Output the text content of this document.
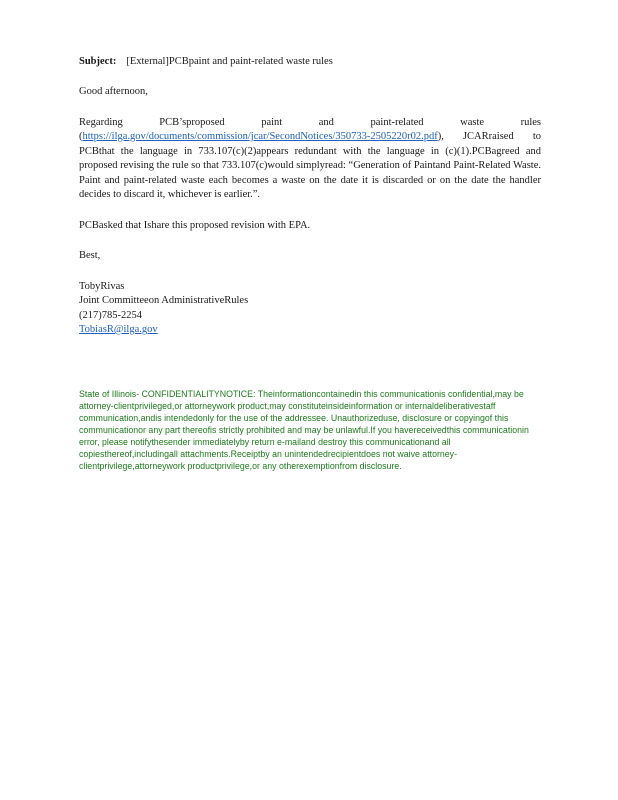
Subject: [External]PCBpaint and paint-related waste rules

Good afternoon,

Regarding PCB’sproposed paint and paint-related waste rules (https://ilga.gov/documents/commission/jcar/SecondNotices/350733-2505220r02.pdf), JCARraised to PCBthat the language in 733.107(c)(2)appears redundant with the language in (c)(1).PCBagreed and proposed revising the rule so that 733.107(c)would simplyread: “Generation of Paintand Paint-Related Waste. Paint and paint-related waste each becomes a waste on the date it is discarded or on the date the handler decides to discard it, whichever is earlier.”.

PCBasked that Ishare this proposed revision with EPA.

Best,

TobyRivas

Joint Committeeon AdministrativeRules

(217)785-2254

TobiasR@ilga.gov

State of Illinois- CONFIDENTIALITYNOTICE: Theinformationcontainedin this communicationis confidential,may be attorney-clientprivileged,or attorneywork product,may constituteinsideinformation or internaldeliberativestaff communication,andis intendedonly for the use of the addressee. Unauthorizeduse, disclosure or copyingof this communicationor any part thereofis strictly prohibited and may be unlawful.If you havereceivedthis communicationin error, please notifythesender immediatelyby return e-mailand destroy this communicationand all copiesthereof,includingall attachments.Receiptby an unintendedrecipientdoes not waive attorney-clientprivilege,attorneywork productprivilege,or any otherexemptionfrom disclosure.
